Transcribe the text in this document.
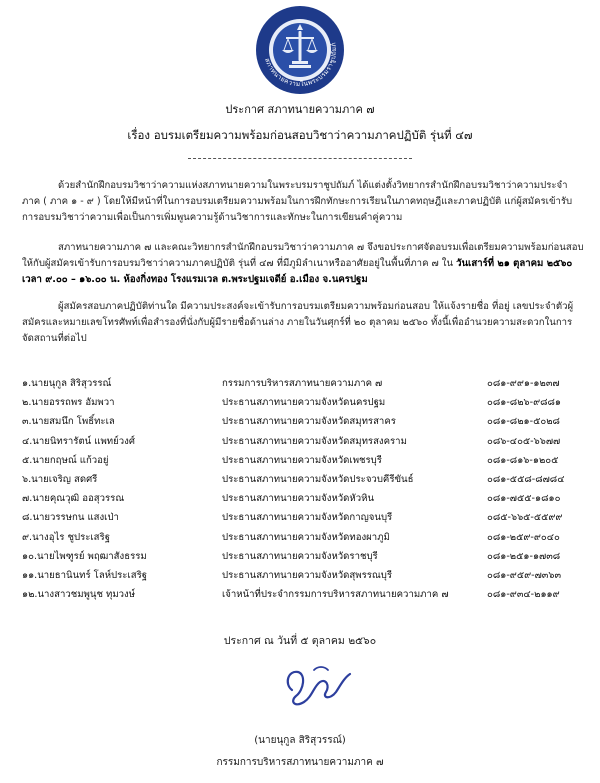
สภาทนายความในพระบรมราชูปถัมภ์
ประกาศ สภาทนายความภาค ๗
เรื่อง อบรมเตรียมความพร้อมก่อนสอบวิชาว่าความภาคปฏิบัติ รุ่นที่ ๔๗
ด้วยสำนักฝึกอบรมวิชาว่าความแห่งสภาทนายความในพระบรมราชูปถัมภ์ ได้แต่งตั้งวิทยากรสำนักฝึกอบรมวิชาว่าความประจำภาค ( ภาค ๑ - ๙ ) โดยให้มีหน้าที่ในการอบรมเตรียมความพร้อมในการฝึกทักษะการเรียนในภาคทฤษฎีและภาคปฏิบัติ แก่ผู้สมัครเข้ารับการอบรมวิชาว่าความเพื่อเป็นการเพิ่มพูนความรู้ด้านวิชาการและทักษะในการเขียนคำคู่ความ
สภาทนายความภาค ๗ และคณะวิทยากรสำนักฝึกอบรมวิชาว่าความภาค ๗ จึงขอประกาศจัดอบรมเพื่อเตรียมความพร้อมก่อนสอบ ให้กับผู้สมัครเข้ารับการอบรมวิชาว่าความภาคปฏิบัติ รุ่นที่ ๔๗ ที่มีภูมิลำเนาหรืออาศัยอยู่ในพื้นที่ภาค ๗ ใน วันเสาร์ที่ ๒๑ ตุลาคม ๒๕๖๐ เวลา ๙.๐๐ – ๑๖.๐๐ น. ห้องกิ่งทอง โรงแรมเวล ต.พระปฐมเจดีย์ อ.เมือง จ.นครปฐม
ผู้สมัครสอบภาคปฏิบัติท่านใด มีความประสงค์จะเข้ารับการอบรมเตรียมความพร้อมก่อนสอบ ให้แจ้งรายชื่อ ที่อยู่ เลขประจำตัวผู้สมัครและหมายเลขโทรศัพท์เพื่อสำรองที่นั่งกับผู้มีรายชื่อด้านล่าง ภายในวันศุกร์ที่ ๒๐ ตุลาคม ๒๕๖๐ ทั้งนี้เพื่ออำนวยความสะดวกในการจัดสถานที่ต่อไป
๑.นายนุกูล สิริสุวรรณ์	กรรมการบริหารสภาทนายความภาค ๗	๐๘๑-๙๙๑-๑๒๓๗
๒.นายอรรถพร อัมพวา	ประธานสภาทนายความจังหวัดนครปฐม	๐๘๑-๘๒๖-๙๘๘๑
๓.นายสมนึก โพธิ์ทะเล	ประธานสภาทนายความจังหวัดสมุทรสาคร	๐๘๑-๘๒๑-๕๐๒๘
๔.นายนิทรารัตน์ แพทย์วงศ์	ประธานสภาทนายความจังหวัดสมุทรสงคราม	๐๘๖-๔๐๕-๖๖๗๗
๕.นายกฤษณ์ แก้วอยู่	ประธานสภาทนายความจังหวัดเพชรบุรี	๐๘๑-๘๑๖-๑๒๐๕
๖.นายเจริญ สดศรี	ประธานสภาทนายความจังหวัดประจวบคีรีขันธ์	๐๘๑-๕๕๘-๘๗๘๔
๗.นายคุณวุฒิ ออสุวรรณ	ประธานสภาทนายความจังหวัดหัวหิน	๐๘๑-๗๕๕-๑๘๑๐
๘.นายวรรษกน แสงเป่า	ประธานสภาทนายความจังหวัดกาญจนบุรี	๐๘๕-๖๖๕-๕๕๙๙
๙.นางอุไร ชูประเสริฐ	ประธานสภาทนายความจังหวัดทองผาภูมิ	๐๘๑-๒๕๙-๙๐๔๐
๑๐.นายไพฑูรย์ พฤฒาสังธรรม	ประธานสภาทนายความจังหวัดราชบุรี	๐๘๑-๒๕๑-๑๗๓๘
๑๑.นายธานินทร์ โลห์ประเสริฐ	ประธานสภาทนายความจังหวัดสุพรรณบุรี	๐๘๑-๙๕๙-๗๓๖๓
๑๒.นางสาวชมพูนุช ทุมวงษ์	เจ้าหน้าที่ประจำกรรมการบริหารสภาทนายความภาค ๗	๐๘๑-๙๓๔-๒๑๑๙
ประกาศ ณ วันที่ ๕ ตุลาคม ๒๕๖๐
(นายนุกูล สิริสุวรรณ์)
กรรมการบริหารสภาทนายความภาค ๗
